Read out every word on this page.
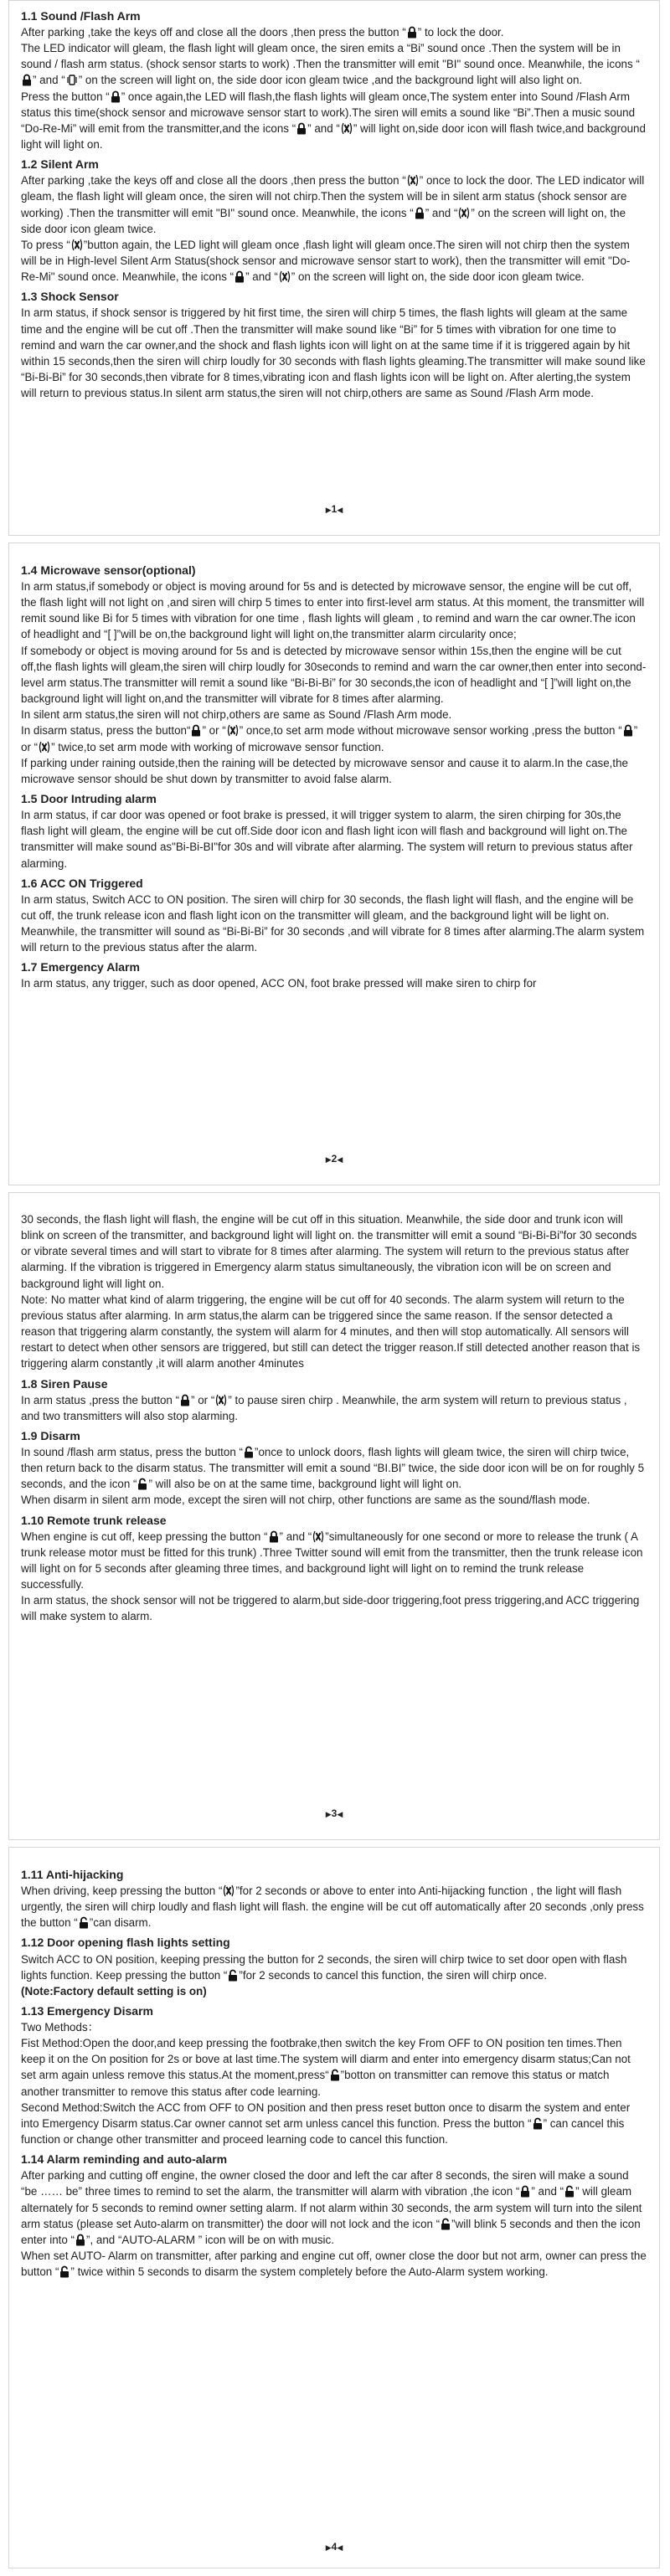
1.1 Sound /Flash Arm

After parking ,take the keys off and close all the doors ,then press the button “ ” to lock the door.

The LED indicator will gleam, the flash light will gleam once, the siren emits a “Bi” sound once .Then the system will be in sound / flash arm status. (shock sensor starts to work) .Then the transmitter will emit "BI" sound once. Meanwhile, the icons “
” and “ ” on the screen will light on, the side door icon gleam twice ,and the background light will also light on.

Press the button “ ” once again,the LED will flash,the flash lights will gleam once,The system enter into Sound /Flash Arm status this time(shock sensor and microwave sensor start to work).The siren will emits a sound like “Bi”.Then a music sound “Do-Re-Mi” will emit from the transmitter,and the icons “ ” and “ ” will light on,side door icon will flash twice,and background light will light on.

1.2 Silent Arm

After parking ,take the keys off and close all the doors ,then press the button “ ” once to lock the door. The LED indicator will gleam, the flash light will gleam once, the siren will not chirp.Then the system will be in silent arm status (shock sensor are working) .Then the transmitter will emit "BI" sound once. Meanwhile, the icons “ ” and “ ” on the screen will light on, the side door icon gleam twice.

To press “ ”button again, the LED light will gleam once ,flash light will gleam once.The siren will not chirp then the system will be in High-level Silent Arm Status(shock sensor and microwave sensor start to work), then the transmitter will emit "Do-Re-Mi" sound once. Meanwhile, the icons “ ” and “ ” on the screen will light on, the side door icon gleam twice.

1.3 Shock Sensor

In arm status, if shock sensor is triggered by hit first time, the siren will chirp 5 times, the flash lights will gleam at the same time and the engine will be cut off .Then the transmitter will make sound like “Bi” for 5 times with vibration for one time to remind and warn the car owner,and the shock and flash lights icon will light on at the same time if it is triggered again by hit within 15 seconds,then the siren will chirp loudly for 30 seconds with flash lights gleaming.The transmitter will make sound like “Bi-Bi-Bi” for 30 seconds,then vibrate for 8 times,vibrating icon and flash lights icon will be light on. After alerting,the system will return to previous status.In silent arm status,the siren will not chirp,others are same as Sound /Flash Arm mode.

▶1◀
1.4 Microwave sensor(optional)

In arm status,if somebody or object is moving around for 5s and is detected by microwave sensor, the engine will be cut off, the flash light will not light on ,and siren will chirp 5 times to enter into first-level arm status. At this moment, the transmitter will remit sound like Bi for 5 times with vibration for one time , flash lights will gleam , to remind and warn the car owner.The icon of headlight and “[ ]”will be on,the background light will light on,the transmitter alarm circularity once;

If somebody or object is moving around for 5s and is detected by microwave sensor within 15s,then the engine will be cut off,the flash lights will gleam,the siren will chirp loudly for 30seconds to remind and warn the car owner,then enter into second-level arm status.The transmitter will remit a sound like “Bi-Bi-Bi” for 30 seconds,the icon of headlight and “[ ]”will light on,the background light will light on,and the transmitter will vibrate for 8 times after alarming.

In silent arm status,the siren will not chirp,others are same as Sound /Flash Arm mode.

In disarm status, press the button“ ” or “ ” once,to set arm mode without microwave sensor working ,press the button “ ” or “ ” twice,to set arm mode with working of microwave sensor function.

If parking under raining outside,then the raining will be detected by microwave sensor and cause it to alarm.In the case,the microwave sensor should be shut down by transmitter to avoid false alarm.

1.5 Door Intruding alarm

In arm status, if car door was opened or foot brake is pressed, it will trigger system to alarm, the siren chirping for 30s,the flash light will gleam, the engine will be cut off.Side door icon and flash light icon will flash and background will light on.The transmitter will make sound as"Bi-Bi-BI"for 30s and will vibrate after alarming. The system will return to previous status after alarming.

1.6 ACC ON Triggered

In arm status, Switch ACC to ON position. The siren will chirp for 30 seconds, the flash light will flash, and the engine will be cut off, the trunk release icon and flash light icon on the transmitter will gleam, and the background light will be light on.

Meanwhile, the transmitter will sound as “Bi-Bi-Bi” for 30 seconds ,and will vibrate for 8 times after alarming.The alarm system will return to the previous status after the alarm.

1.7 Emergency Alarm

In arm status, any trigger, such as door opened, ACC ON, foot brake pressed will make siren to chirp for

▶2◀

30 seconds, the flash light will flash, the engine will be cut off in this situation. Meanwhile, the side door and trunk icon will blink on screen of the transmitter, and background light will light on. the transmitter will emit a sound “Bi-Bi-Bi”for 30 seconds or vibrate several times and will start to vibrate for 8 times after alarming. The system will return to the previous status after alarming. If the vibration is triggered in Emergency alarm status simultaneously, the vibration icon will be on screen and background light will light on.

Note: No matter what kind of alarm triggering, the engine will be cut off for 40 seconds. The alarm system will return to the previous status after alarming. In arm status,the alarm can be triggered since the same reason. If the sensor detected a reason that triggering alarm constantly, the system will alarm for 4 minutes, and then will stop automatically. All sensors will restart to detect when other sensors are triggered, but still can detect the trigger reason.If still detected another reason that is triggering alarm constantly ,it will alarm another 4minutes

1.8 Siren Pause

In arm status ,press the button “ ” or “ ” to pause siren chirp . Meanwhile, the arm system will return to previous status , and two transmitters will also stop alarming.

1.9 Disarm

In sound /flash arm status, press the button “ ”once to unlock doors, flash lights will gleam twice, the siren will chirp twice, then return back to the disarm status. The transmitter will emit a sound “BI.BI” twice, the side door icon will be on for roughly 5 seconds, and the icon “ ” will also be on at the same time, background light will light on.

When disarm in silent arm mode, except the siren will not chirp, other functions are same as the sound/flash mode.

1.10 Remote trunk release

When engine is cut off, keep pressing the button “ ” and “ ”simultaneously for one second or more to release the trunk ( A trunk release motor must be fitted for this trunk) .Three Twitter sound will emit from the transmitter, then the trunk release icon will light on for 5 seconds after gleaming three times, and background light will light on to remind the trunk release successfully.

In arm status, the shock sensor will not be triggered to alarm,but side-door triggering,foot press triggering,and ACC triggering will make system to alarm.

▶3◀
1.11 Anti-hijacking

When driving, keep pressing the button “ ”for 2 seconds or above to enter into Anti-hijacking function , the light will flash urgently, the siren will chirp loudly and flash light will flash. the engine will be cut off automatically after 20 seconds ,only press the button “ ”can disarm.

1.12 Door opening flash lights setting

Switch ACC to ON position, keeping pressing the button for 2 seconds, the siren will chirp twice to set door open with flash lights function. Keep pressing the button “ ”for 2 seconds to cancel this function, the siren will chirp once.

(Note:Factory default setting is on)

1.13 Emergency Disarm

Two Methods：

Fist Method:Open the door,and keep pressing the footbrake,then switch the key From OFF to ON position ten times.Then keep it on the On position for 2s or bove at last time.The system will diarm and enter into emergency disarm status;Can not set arm again unless remove this status.At the moment,press“ ”botton on transmitter can remove this status or match another transmitter to remove this status after code learning.

Second Method:Switch the ACC from OFF to ON position and then press reset button once to disarm the system and enter into Emergency Disarm status.Car owner cannot set arm unless cancel this function. Press the button “ ” can cancel this function or change other transmitter and proceed learning code to cancel this function.

1.14 Alarm reminding and auto-alarm

After parking and cutting off engine, the owner closed the door and left the car after 8 seconds, the siren will make a sound “be …… be” three times to remind to set the alarm, the transmitter will alarm with vibration ,the icon “ ” and “ ” will gleam alternately for 5 seconds to remind owner setting alarm. If not alarm within 30 seconds, the arm system will turn into the silent arm status (please set Auto-alarm on transmitter) the door will not lock and the icon “ ”will blink 5 seconds and then the icon enter into “ ”, and “AUTO-ALARM ” icon will be on with music.

When set AUTO- Alarm on transmitter, after parking and engine cut off, owner close the door but not arm, owner can press the button “ ” twice within 5 seconds to disarm the system completely before the Auto-Alarm system working.

▶4◀
